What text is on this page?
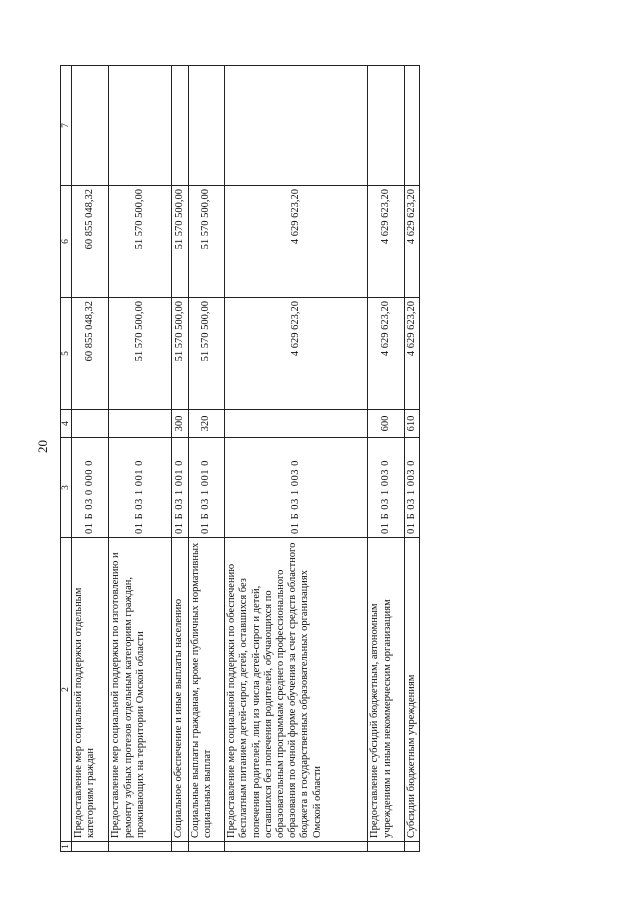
20
1	2	3	4	5	6	7
	Предоставление мер социальной поддержки отдельным категориям граждан	01 Б 03 0 000 0		60 855 048,32	60 855 048,32	
	Предоставление мер социальной поддержки по изготовлению и ремонту зубных протезов отдельным категориям граждан, проживающих на территории Омской области	01 Б 03 1 001 0		51 570 500,00	51 570 500,00	
	Социальное обеспечение и иные выплаты населению	01 Б 03 1 001 0	300	51 570 500,00	51 570 500,00	
	Социальные выплаты гражданам, кроме публичных нормативных социальных выплат	01 Б 03 1 001 0	320	51 570 500,00	51 570 500,00	
	Предоставление мер социальной поддержки по обеспечению бесплатным питанием детей-сирот, детей, оставшихся без попечения родителей, лиц из числа детей-сирот и детей, оставшихся без попечения родителей, обучающихся по образовательным программам среднего профессионального образования по очной форме обучения за счет средств областного бюджета в государственных образовательных организациях Омской области	01 Б 03 1 003 0		4 629 623,20	4 629 623,20	
	Предоставление субсидий бюджетным, автономным учреждениям и иным некоммерческим организациям	01 Б 03 1 003 0	600	4 629 623,20	4 629 623,20	
	Субсидии бюджетным учреждениям	01 Б 03 1 003 0	610	4 629 623,20	4 629 623,20	
